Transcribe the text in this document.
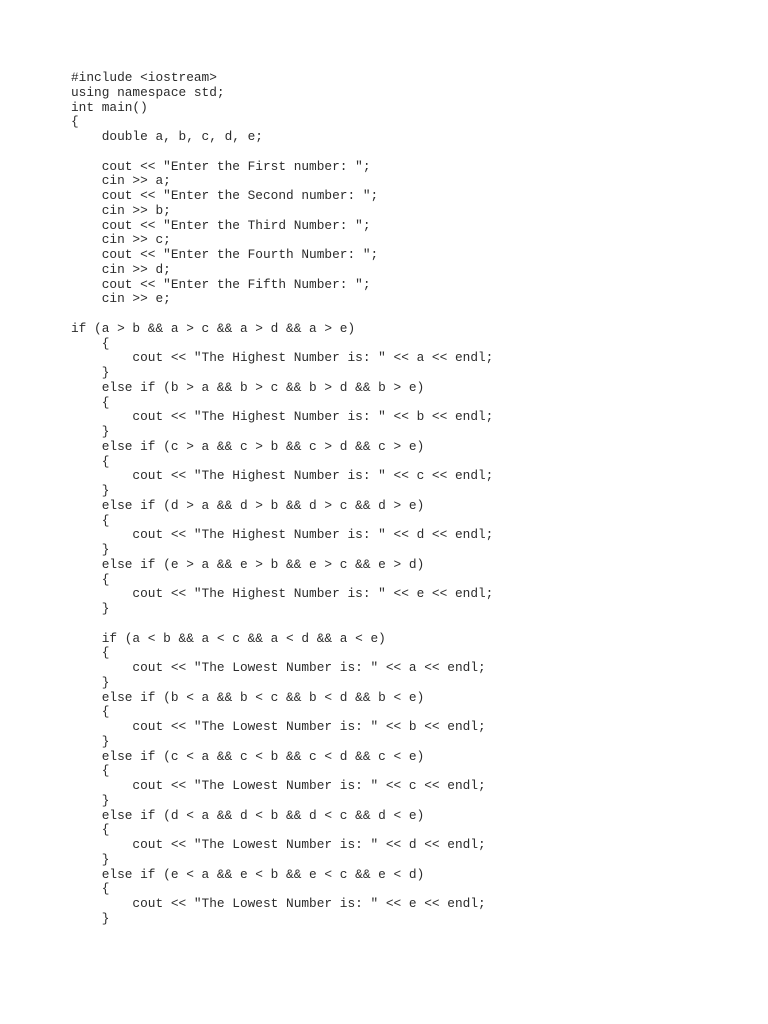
#include <iostream>
using namespace std;
int main()
{
double a, b, c, d, e;
cout << "Enter the First number: ";
cin >> a;
cout << "Enter the Second number: ";
cin >> b;
cout << "Enter the Third Number: ";
cin >> c;
cout << "Enter the Fourth Number: ";
cin >> d;
cout << "Enter the Fifth Number: ";
cin >> e;
if (a > b && a > c && a > d && a > e)
{
cout << "The Highest Number is: " << a << endl;
}
else if (b > a && b > c && b > d && b > e)
{
cout << "The Highest Number is: " << b << endl;
}
else if (c > a && c > b && c > d && c > e)
{
cout << "The Highest Number is: " << c << endl;
}
else if (d > a && d > b && d > c && d > e)
{
cout << "The Highest Number is: " << d << endl;
}
else if (e > a && e > b && e > c && e > d)
{
cout << "The Highest Number is: " << e << endl;
}
if (a < b && a < c && a < d && a < e)
{
cout << "The Lowest Number is: " << a << endl;
}
else if (b < a && b < c && b < d && b < e)
{
cout << "The Lowest Number is: " << b << endl;
}
else if (c < a && c < b && c < d && c < e)
{
cout << "The Lowest Number is: " << c << endl;
}
else if (d < a && d < b && d < c && d < e)
{
cout << "The Lowest Number is: " << d << endl;
}
else if (e < a && e < b && e < c && e < d)
{
cout << "The Lowest Number is: " << e << endl;
}
